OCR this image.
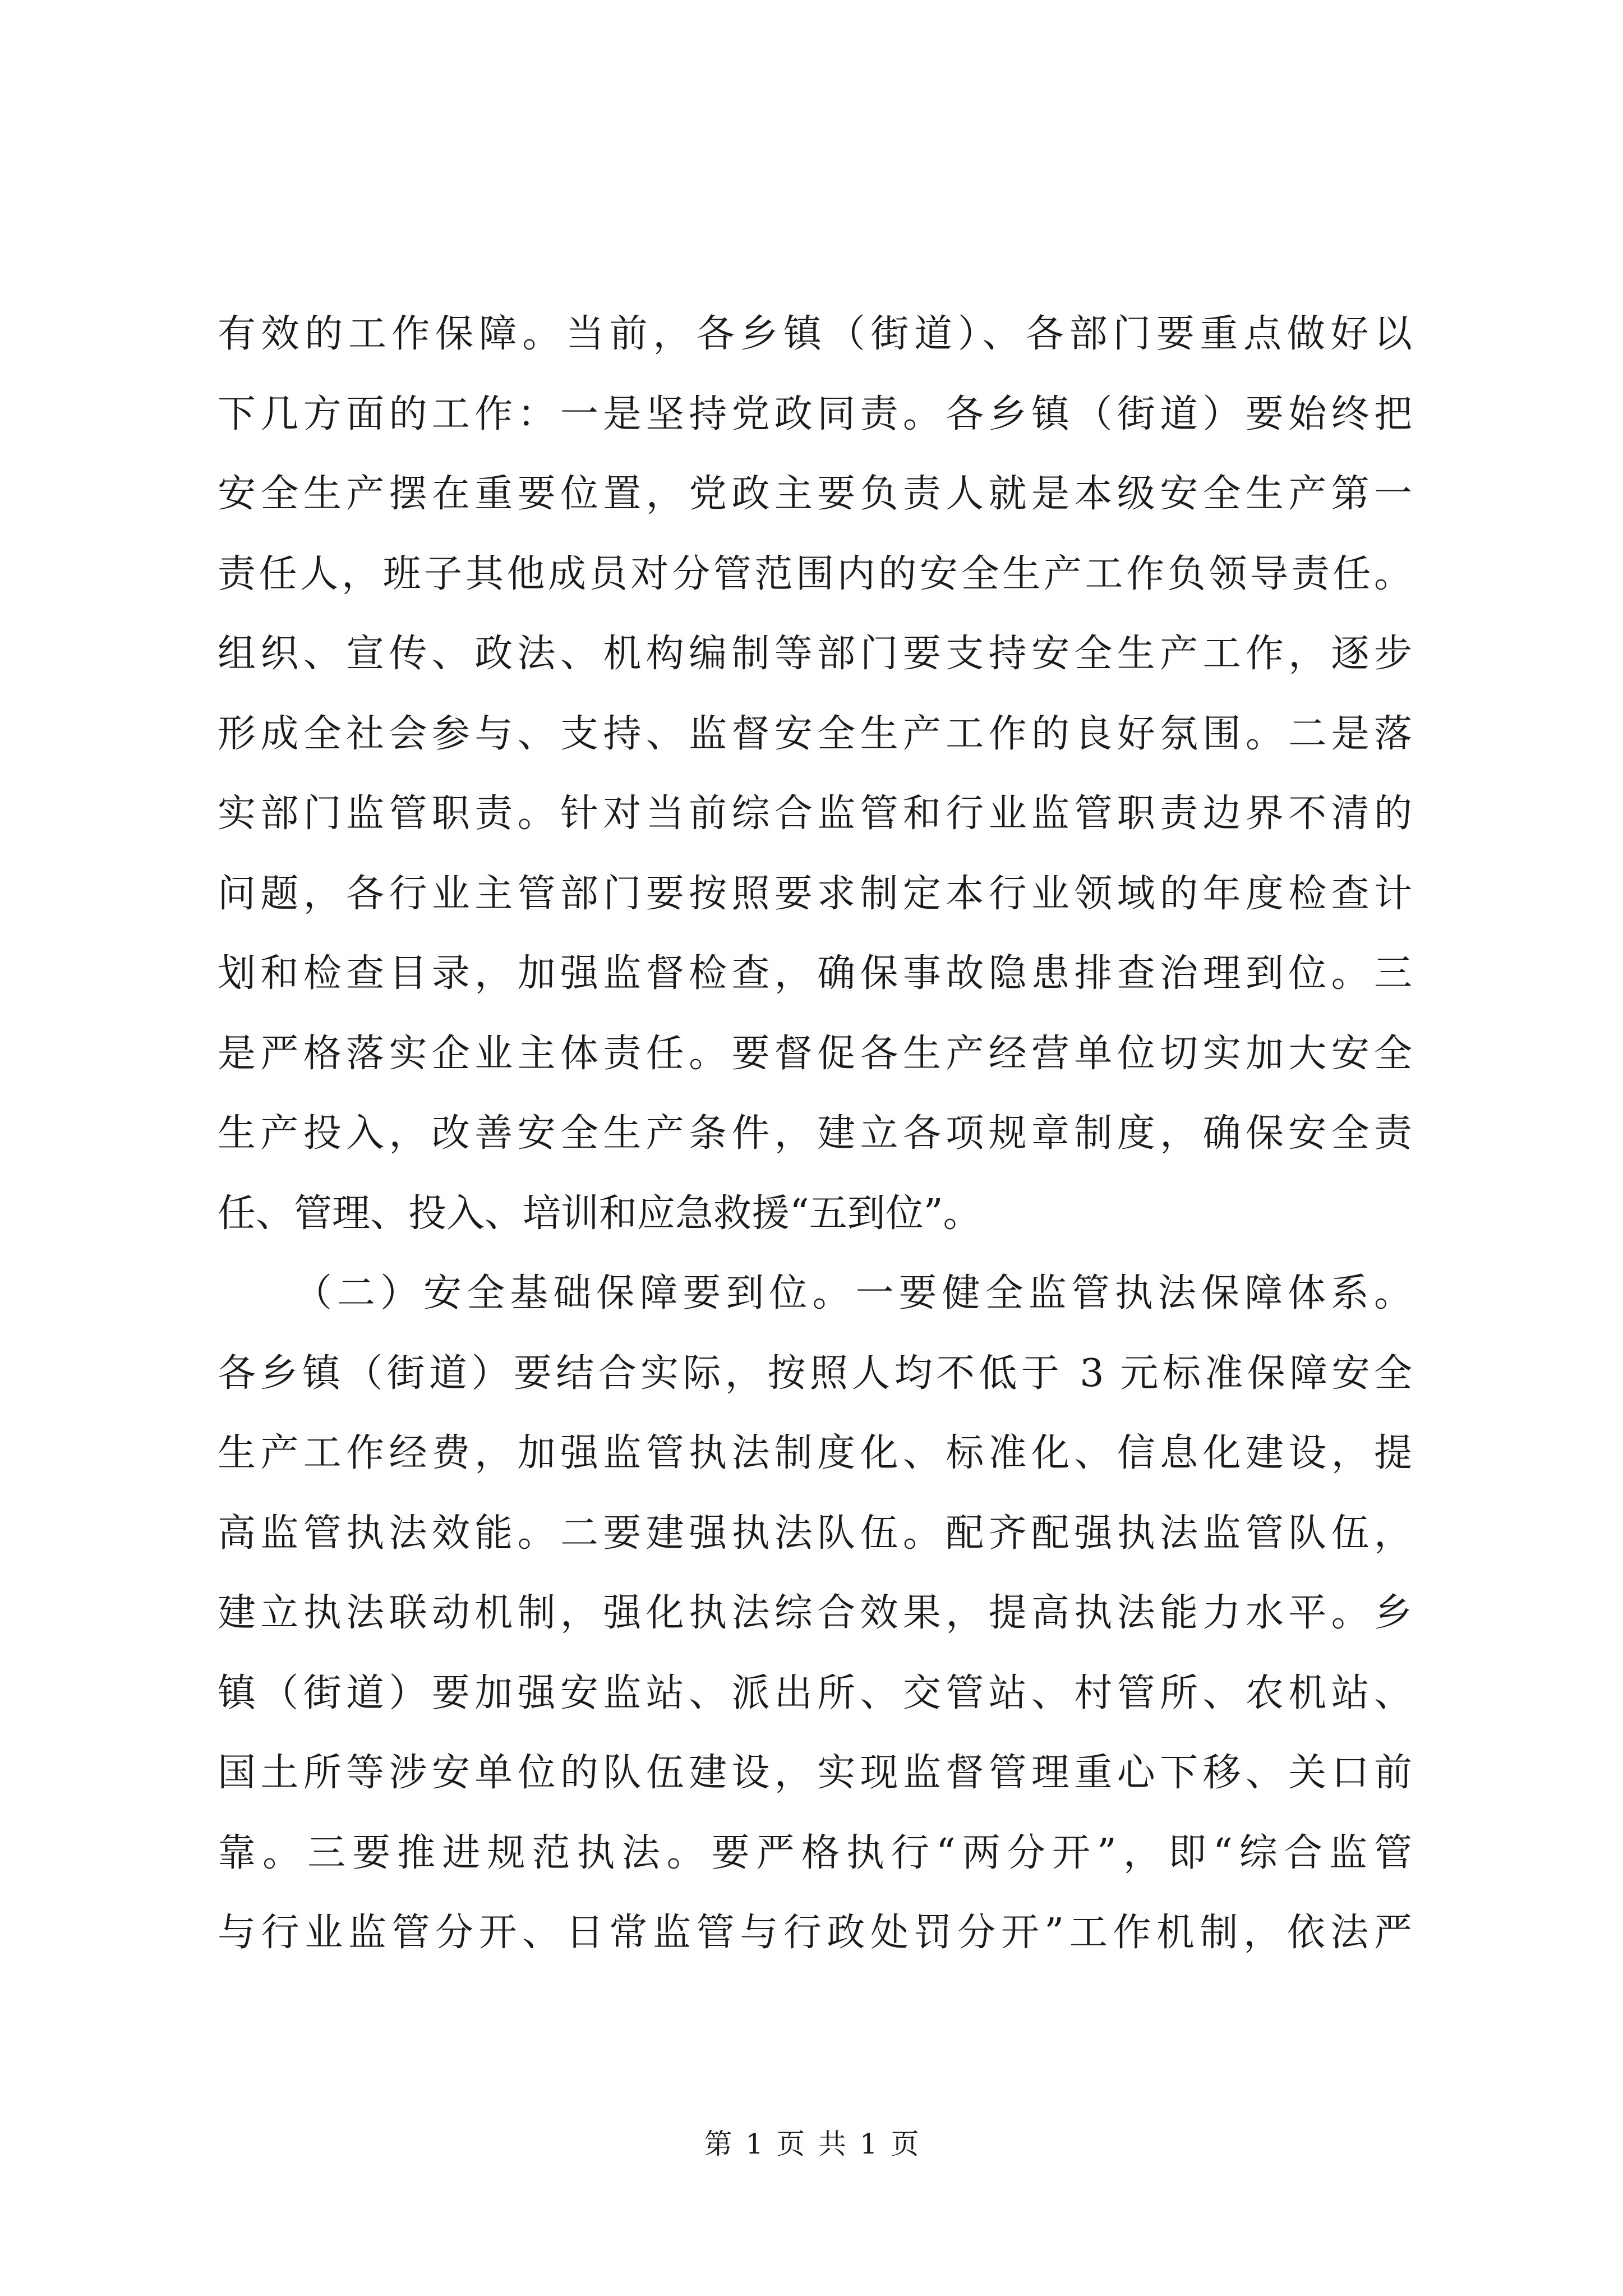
有效的工作保障。当前，各乡镇（街道）、各部门要重点做好以
下几方面的工作：一是坚持党政同责。各乡镇（街道）要始终把
安全生产摆在重要位置，党政主要负责人就是本级安全生产第一
责任人，班子其他成员对分管范围内的安全生产工作负领导责任。
组织、宣传、政法、机构编制等部门要支持安全生产工作，逐步
形成全社会参与、支持、监督安全生产工作的良好氛围。二是落
实部门监管职责。针对当前综合监管和行业监管职责边界不清的
问题，各行业主管部门要按照要求制定本行业领域的年度检查计
划和检查目录，加强监督检查，确保事故隐患排查治理到位。三
是严格落实企业主体责任。要督促各生产经营单位切实加大安全
生产投入，改善安全生产条件，建立各项规章制度，确保安全责
任、管理、投入、培训和应急救援“五到位”。
（二）安全基础保障要到位。一要健全监管执法保障体系。
各乡镇（街道）要结合实际，按照人均不低于 3 元标准保障安全
生产工作经费，加强监管执法制度化、标准化、信息化建设，提
高监管执法效能。二要建强执法队伍。配齐配强执法监管队伍，
建立执法联动机制，强化执法综合效果，提高执法能力水平。乡
镇（街道）要加强安监站、派出所、交管站、村管所、农机站、
国土所等涉安单位的队伍建设，实现监督管理重心下移、关口前
靠。三要推进规范执法。要严格执行“两分开”，即“综合监管
与行业监管分开、日常监管与行政处罚分开”工作机制，依法严
第 1 页 共 1 页
